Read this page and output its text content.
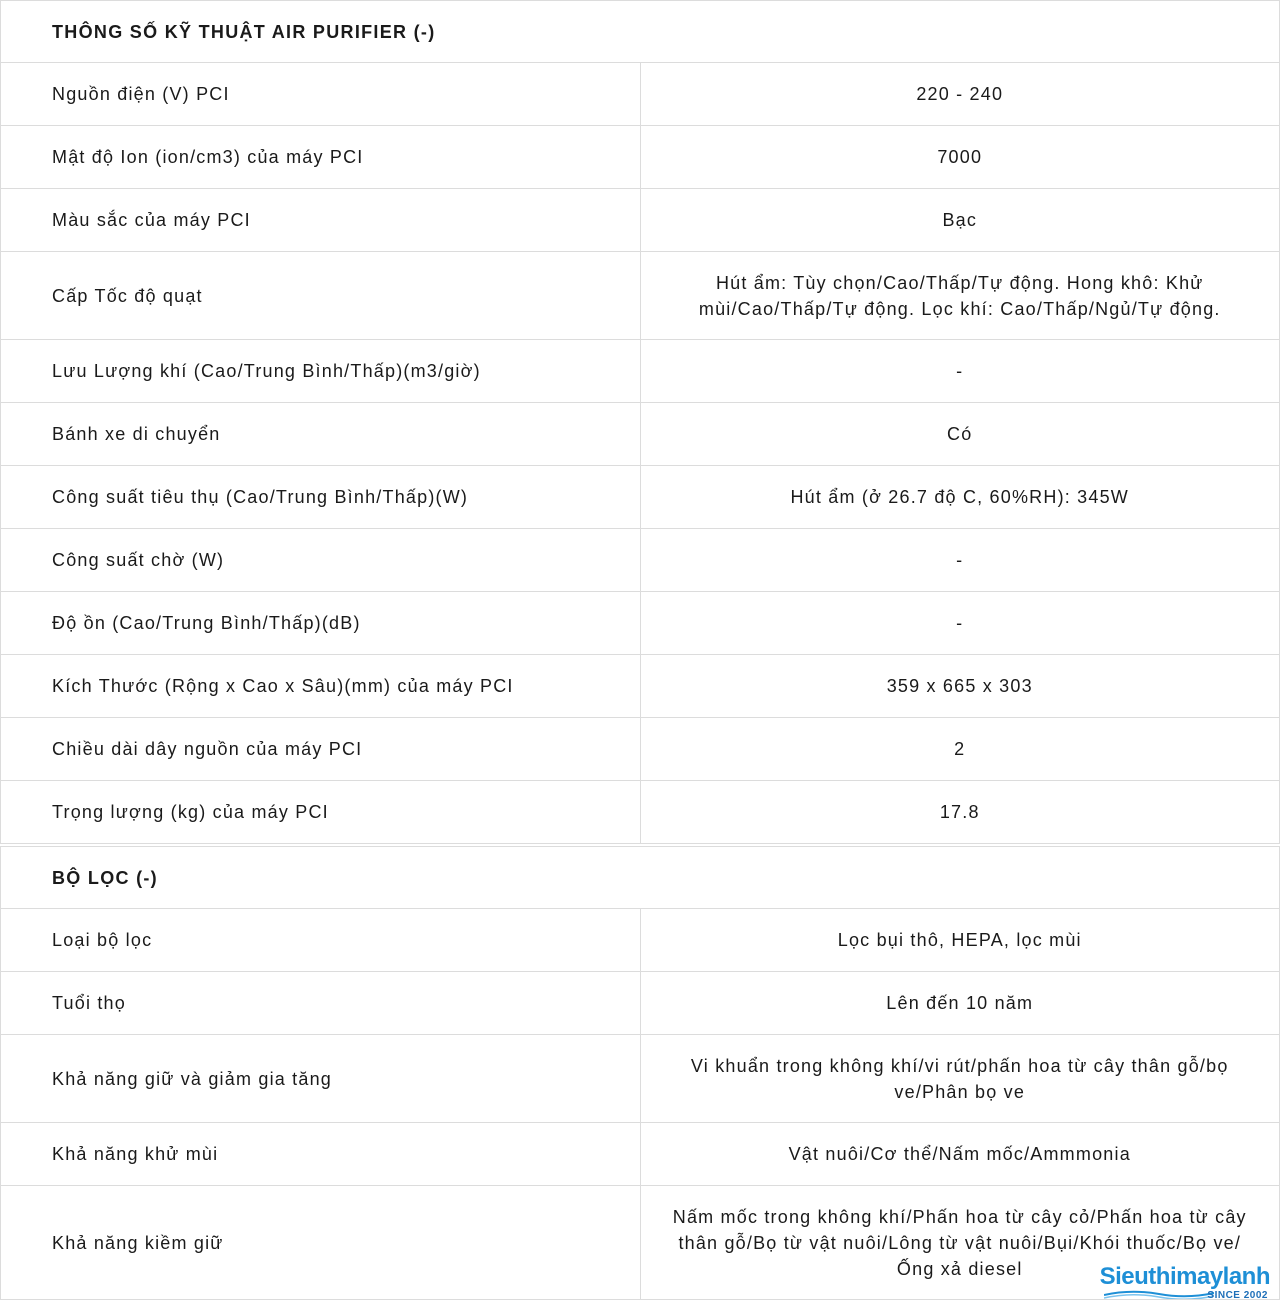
THÔNG SỐ KỸ THUẬT AIR PURIFIER (-)	
Nguồn điện (V) PCI	220 - 240
Mật độ Ion (ion/cm3) của máy PCI	7000
Màu sắc của máy PCI	Bạc
Cấp Tốc độ quạt	Hút ẩm: Tùy chọn/Cao/Thấp/Tự động. Hong khô: Khử mùi/Cao/Thấp/Tự động. Lọc khí: Cao/Thấp/Ngủ/Tự động.
Lưu Lượng khí (Cao/Trung Bình/Thấp)(m3/giờ)	-
Bánh xe di chuyển	Có
Công suất tiêu thụ (Cao/Trung Bình/Thấp)(W)	Hút ẩm (ở 26.7 độ C, 60%RH): 345W
Công suất chờ (W)	-
Độ ồn (Cao/Trung Bình/Thấp)(dB)	-
Kích Thước (Rộng x Cao x Sâu)(mm) của máy PCI	359 x 665 x 303
Chiều dài dây nguồn của máy PCI	2
Trọng lượng (kg) của máy PCI	17.8

BỘ LỌC (-)	
Loại bộ lọc	Lọc bụi thô, HEPA, lọc mùi
Tuổi thọ	Lên đến 10 năm
Khả năng giữ và giảm gia tăng	Vi khuẩn trong không khí/vi rút/phấn hoa từ cây thân gỗ/bọ ve/Phân bọ ve
Khả năng khử mùi	Vật nuôi/Cơ thể/Nấm mốc/Ammmonia
Khả năng kiềm giữ	Nấm mốc trong không khí/Phấn hoa từ cây cỏ/Phấn hoa từ cây thân gỗ/Bọ từ vật nuôi/Lông từ vật nuôi/Bụi/Khói thuốc/Bọ ve/Ống xả diesel	Sieuthimaylanh
SINCE 2002
